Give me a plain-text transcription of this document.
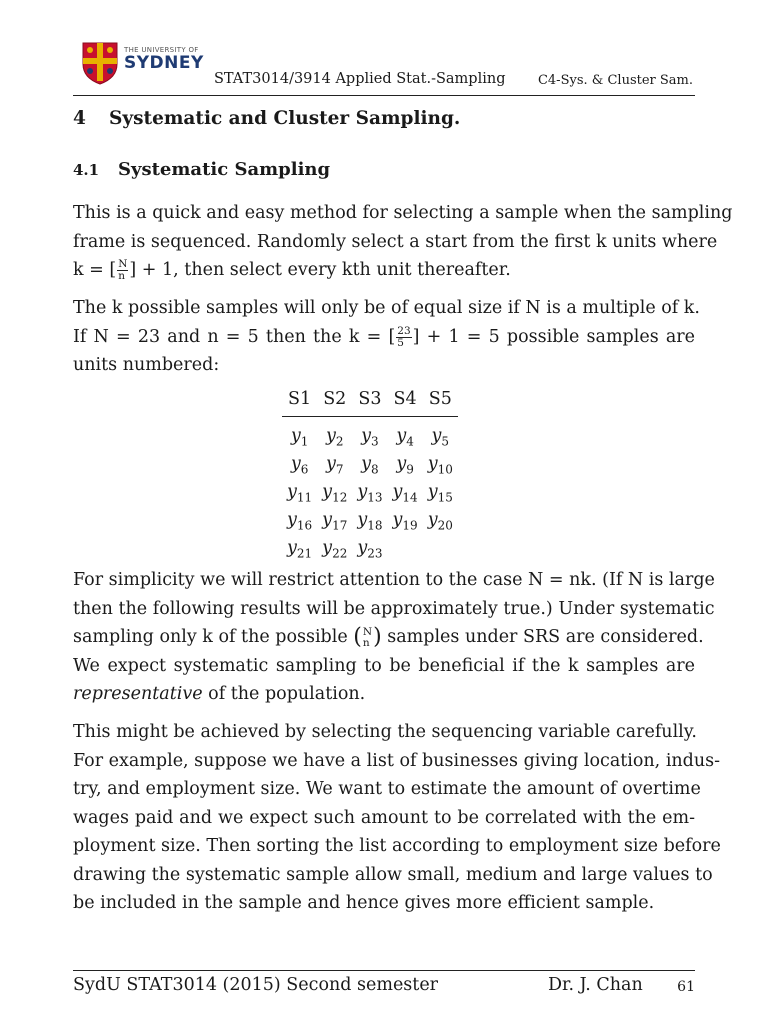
THE UNIVERSITY OF
SYDNEY
STAT3014/3914 Applied Stat.-Sampling C4-Sys. & Cluster Sam.
4 Systematic and Cluster Sampling.
4.1 Systematic Sampling

This is a quick and easy method for selecting a sample when the sampling

frame is sequenced. Randomly select a start from the first k units where

k = [ $\frac{N}{n}$ ] + 1, then select every kth unit thereafter.

The k possible samples will only be of equal size if N is a multiple of k.

If N = 23 and n = 5 then the k = [ $\frac{23}{5}$ ] + 1 = 5 possible samples are

units numbered:

S1	S2	S3	S4	S5
$y_1$	$y_2$	$y_3$	$y_4$	$y_5$
$y_6$	$y_7$	$y_8$	$y_9$	$y_{10}$
$y_{11}$	$y_{12}$	$y_{13}$	$y_{14}$	$y_{15}$
$y_{16}$	$y_{17}$	$y_{18}$	$y_{19}$	$y_{20}$
$y_{21}$	$y_{22}$	$y_{23}$		

For simplicity we will restrict attention to the case N = nk. (If N is large

then the following results will be approximately true.) Under systematic

sampling only k of the possible ( N
n ) samples under SRS are considered.

We expect systematic sampling to be beneficial if the k samples are

representative of the population.

This might be achieved by selecting the sequencing variable carefully.

For example, suppose we have a list of businesses giving location, indus-

try, and employment size. We want to estimate the amount of overtime

wages paid and we expect such amount to be correlated with the em-

ployment size. Then sorting the list according to employment size before

drawing the systematic sample allow small, medium and large values to

be included in the sample and hence gives more efficient sample.

SydU STAT3014 (2015) Second semester	Dr. J. Chan 61
